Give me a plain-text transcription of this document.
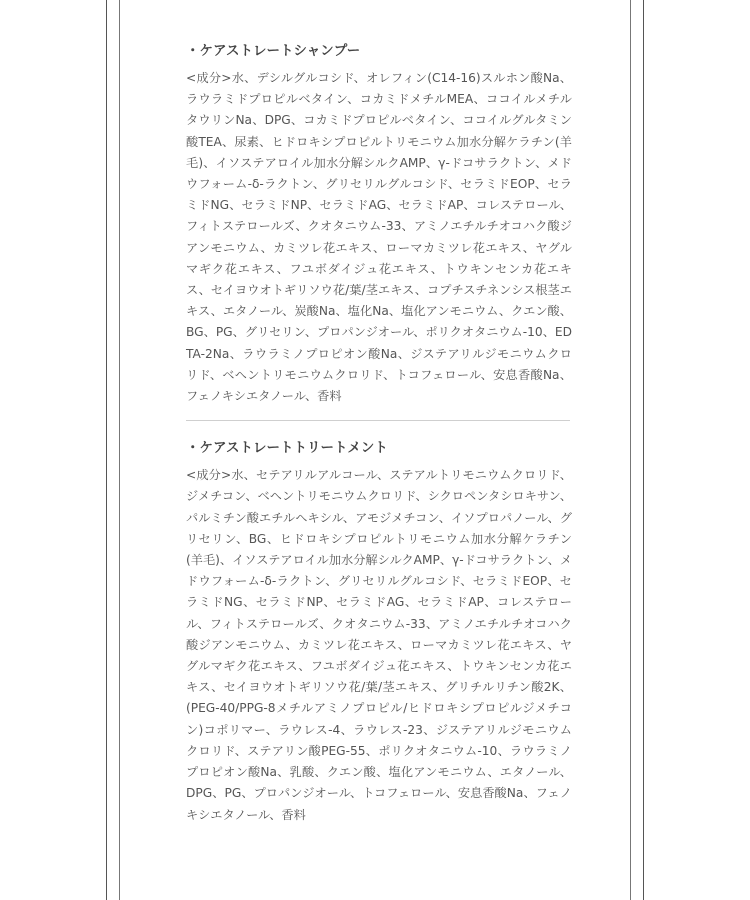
・ケアストレートシャンプー

<成分>水、デシルグルコシド、オレフィン(C14-16)スルホン酸Na、ラウラミドプロピルベタイン、コカミドメチルMEA、ココイルメチルタウリンNa、DPG、コカミドプロピルベタイン、ココイルグルタミン酸TEA、尿素、ヒドロキシプロピルトリモニウム加水分解ケラチン(羊毛)、イソステアロイル加水分解シルクAMP、γ-ドコサラクトン、メドウフォーム-δ-ラクトン、グリセリルグルコシド、セラミドEOP、セラミドNG、セラミドNP、セラミドAG、セラミドAP、コレステロール、フィトステロールズ、クオタニウム-33、アミノエチルチオコハク酸ジアンモニウム、カミツレ花エキス、ローマカミツレ花エキス、ヤグルマギク花エキス、フユボダイジュ花エキス、トウキンセンカ花エキス、セイヨウオトギリソウ花/葉/茎エキス、コプチスチネンシス根茎エキス、エタノール、炭酸Na、塩化Na、塩化アンモニウム、クエン酸、BG、PG、グリセリン、プロパンジオール、ポリクオタニウム-10、EDTA-2Na、ラウラミノプロピオン酸Na、ジステアリルジモニウムクロリド、ベヘントリモニウムクロリド、トコフェロール、安息香酸Na、フェノキシエタノール、香料

・ケアストレートトリートメント

<成分>水、セテアリルアルコール、ステアルトリモニウムクロリド、ジメチコン、ベヘントリモニウムクロリド、シクロペンタシロキサン、パルミチン酸エチルヘキシル、アモジメチコン、イソプロパノール、グリセリン、BG、ヒドロキシプロピルトリモニウム加水分解ケラチン(羊毛)、イソステアロイル加水分解シルクAMP、γ-ドコサラクトン、メドウフォーム-δ-ラクトン、グリセリルグルコシド、セラミドEOP、セラミドNG、セラミドNP、セラミドAG、セラミドAP、コレステロール、フィトステロールズ、クオタニウム-33、アミノエチルチオコハク酸ジアンモニウム、カミツレ花エキス、ローマカミツレ花エキス、ヤグルマギク花エキス、フユボダイジュ花エキス、トウキンセンカ花エキス、セイヨウオトギリソウ花/葉/茎エキス、グリチルリチン酸2K、(PEG-40/PPG-8メチルアミノプロピル/ヒドロキシプロピルジメチコン)コポリマー、ラウレス-4、ラウレス-23、ジステアリルジモニウムクロリド、ステアリン酸PEG-55、ポリクオタニウム-10、ラウラミノプロピオン酸Na、乳酸、クエン酸、塩化アンモニウム、エタノール、DPG、PG、プロパンジオール、トコフェロール、安息香酸Na、フェノキシエタノール、香料
